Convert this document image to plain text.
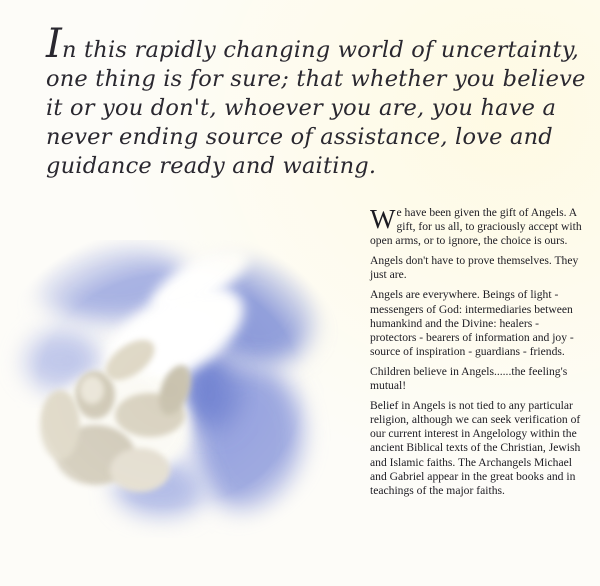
In this rapidly changing world of uncertainty, one thing is for sure; that whether you believe it or you don't, whoever you are, you have a never ending source of assistance, love and guidance ready and waiting.

We have been given the gift of Angels. A gift, for us all, to graciously accept with open arms, or to ignore, the choice is ours.

Angels don't have to prove themselves. They just are.

Angels are everywhere. Beings of light - messengers of God: intermediaries between humankind and the Divine: healers - protectors - bearers of information and joy - source of inspiration - guardians - friends.

Children believe in Angels......the feeling's mutual!

Belief in Angels is not tied to any particular religion, although we can seek verification of our current interest in Angelology within the ancient Biblical texts of the Christian, Jewish and Islamic faiths. The Archangels Michael and Gabriel appear in the great books and in teachings of the major faiths.
